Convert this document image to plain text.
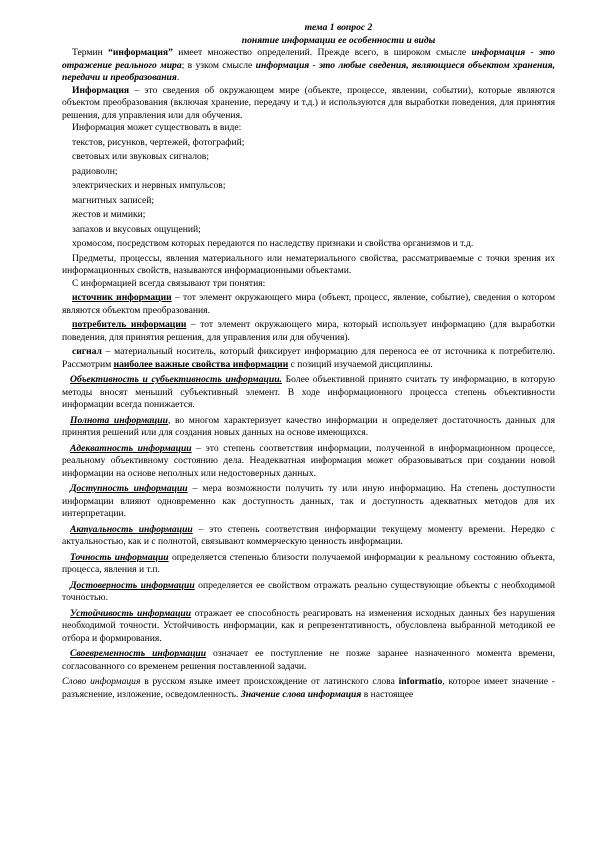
тема 1 вопрос 2
понятие информации ее особенности и виды

Термин “информация” имеет множество определений. Прежде всего, в широком смысле информация - это отражение реального мира; в узком смысле информация - это любые сведения, являющиеся объектом хранения, передачи и преобразования.

Информация – это сведения об окружающем мире (объекте, процессе, явлении, событии), которые являются объектом преобразования (включая хранение, передачу и т.д.) и используются для выработки поведения, для принятия решения, для управления или для обучения.

Информация может существовать в виде:

текстов, рисунков, чертежей, фотографий;

световых или звуковых сигналов;

радиоволн;

электрических и нервных импульсов;

магнитных записей;

жестов и мимики;

запахов и вкусовых ощущений;

хромосом, посредством которых передаются по наследству признаки и свойства организмов и т.д.

Предметы, процессы, явления материального или нематериального свойства, рассматриваемые с точки зрения их информационных свойств, называются информационными объектами.

С информацией всегда связывают три понятия:

источник информации – тот элемент окружающего мира (объект, процесс, явление, событие), сведения о котором являются объектом преобразования.

потребитель информации – тот элемент окружающего мира, который использует информацию (для выработки поведения, для принятия решения, для управления или для обучения).

сигнал – материальный носитель, который фиксирует информацию для переноса ее от источника к потребителю. Рассмотрим наиболее важные свойства информации с позиций изучаемой дисциплины.

Объективность и субъективность информации. Более объективной принято считать ту информацию, в которую методы вносят меньший субъективный элемент. В ходе информационного процесса степень объективности информации всегда понижается.

Полнота информации, во многом характеризует качество информации и определяет достаточность данных для принятия решений или для создания новых данных на основе имеющихся.

Адекватность информации – это степень соответствия информации, полученной в информационном процессе, реальному объективному состоянию дела. Неадекватная информация может образовываться при создании новой информации на основе неполных или недостоверных данных.

Доступность информации – мера возможности получить ту или иную информацию. На степень доступности информации влияют одновременно как доступность данных, так и доступность адекватных методов для их интерпретации.

Актуальность информации – это степень соответствия информации текущему моменту времени. Нередко с актуальностью, как и с полнотой, связывают коммерческую ценность информации.

Точность информации определяется степенью близости получаемой информации к реальному состоянию объекта, процесса, явления и т.п.

Достоверность информации определяется ее свойством отражать реально существующие объекты с необходимой точностью.

Устойчивость информации отражает ее способность реагировать на изменения исходных данных без нарушения необходимой точности. Устойчивость информации, как и репрезентативность, обусловлена выбранной методикой ее отбора и формирования.

Своевременность информации означает ее поступление не позже заранее назначенного момента времени, согласованного со временем решения поставленной задачи.

Слово информация в русском языке имеет происхождение от латинского слова informatio, которое имеет значение - разъяснение, изложение, осведомленность. Значение слова информация в настоящее
